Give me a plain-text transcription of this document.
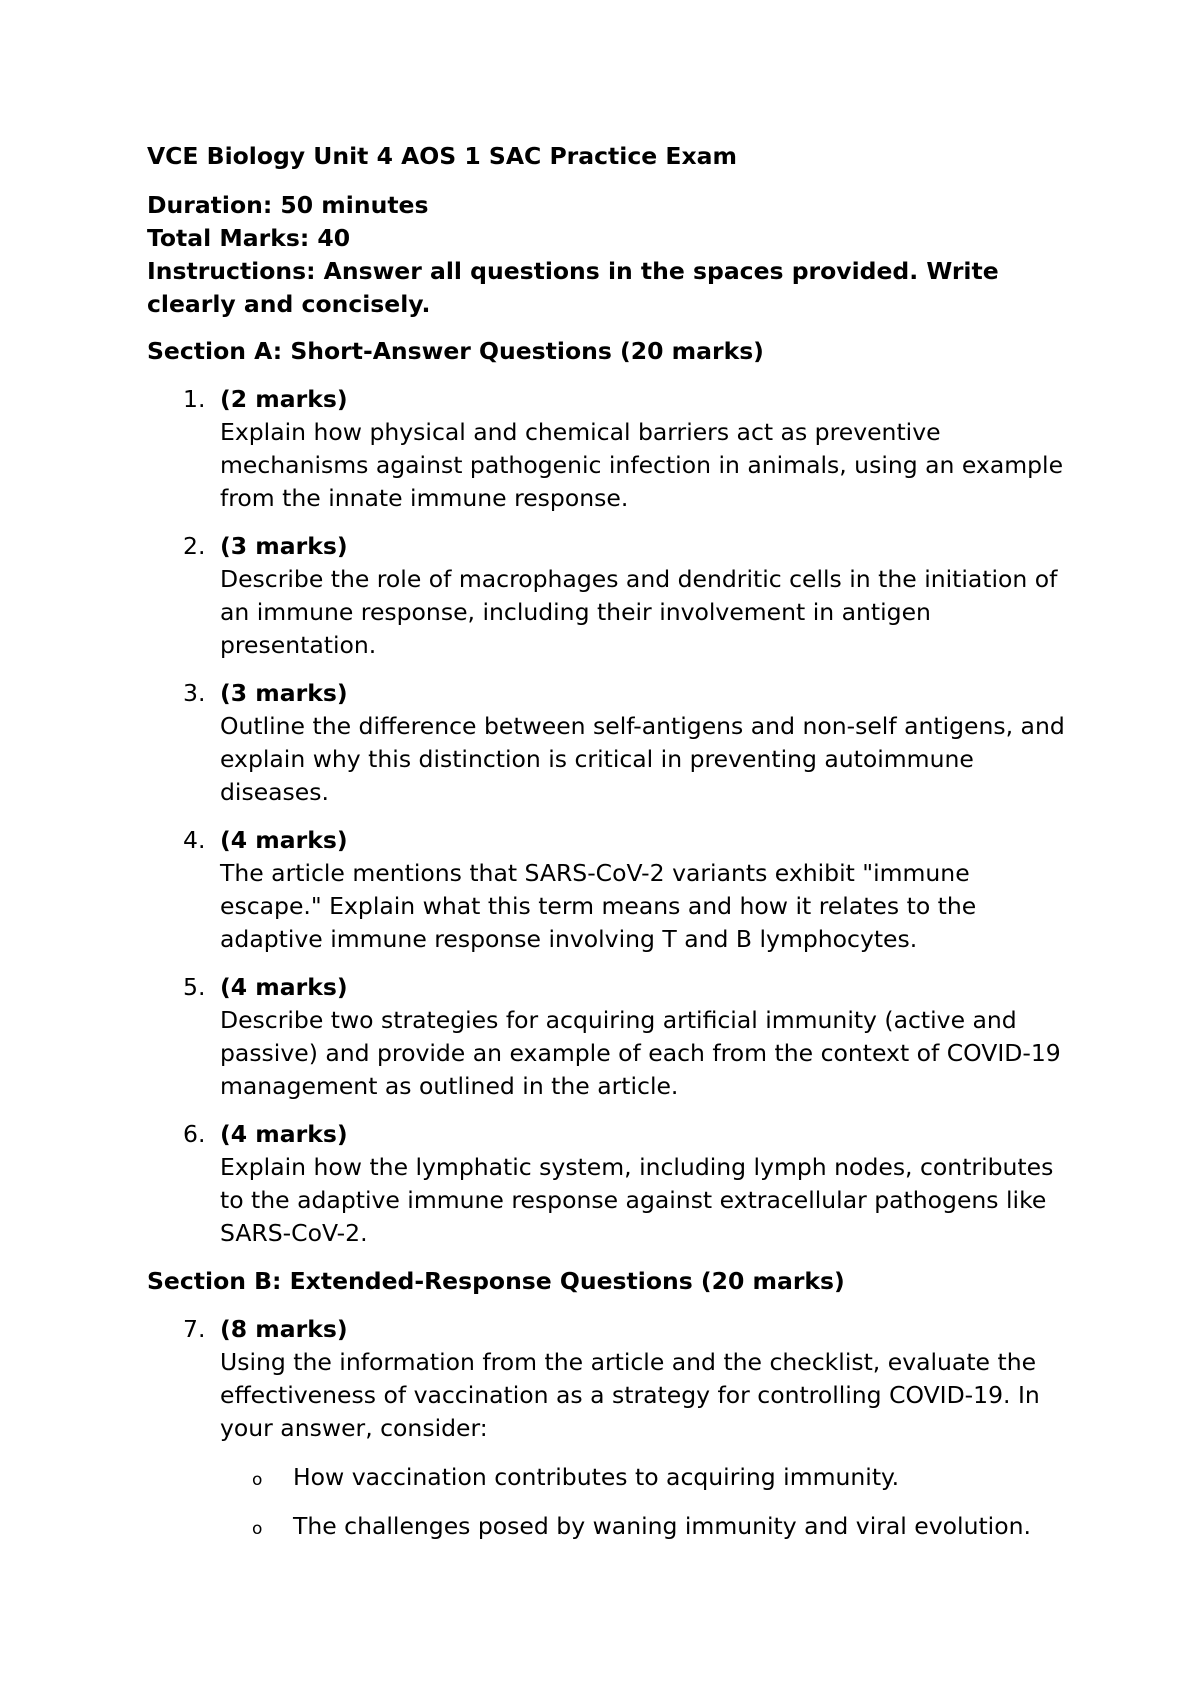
VCE Biology Unit 4 AOS 1 SAC Practice Exam

Duration: 50 minutes

Total Marks: 40

Instructions: Answer all questions in the spaces provided. Write clearly and concisely.

Section A: Short-Answer Questions (20 marks)

1. (2 marks)
Explain how physical and chemical barriers act as preventive mechanisms against pathogenic infection in animals, using an example from the innate immune response.
2. (3 marks)
Describe the role of macrophages and dendritic cells in the initiation of an immune response, including their involvement in antigen presentation.
3. (3 marks)
Outline the difference between self-antigens and non-self antigens, and explain why this distinction is critical in preventing autoimmune diseases.
4. (4 marks)
The article mentions that SARS-CoV-2 variants exhibit "immune escape." Explain what this term means and how it relates to the adaptive immune response involving T and B lymphocytes.
5. (4 marks)
Describe two strategies for acquiring artificial immunity (active and passive) and provide an example of each from the context of COVID-19 management as outlined in the article.
6. (4 marks)
Explain how the lymphatic system, including lymph nodes, contributes to the adaptive immune response against extracellular pathogens like SARS-CoV-2.

Section B: Extended-Response Questions (20 marks)

7. (8 marks)
Using the information from the article and the checklist, evaluate the effectiveness of vaccination as a strategy for controlling COVID-19. In your answer, consider:
o How vaccination contributes to acquiring immunity.
o The challenges posed by waning immunity and viral evolution.
